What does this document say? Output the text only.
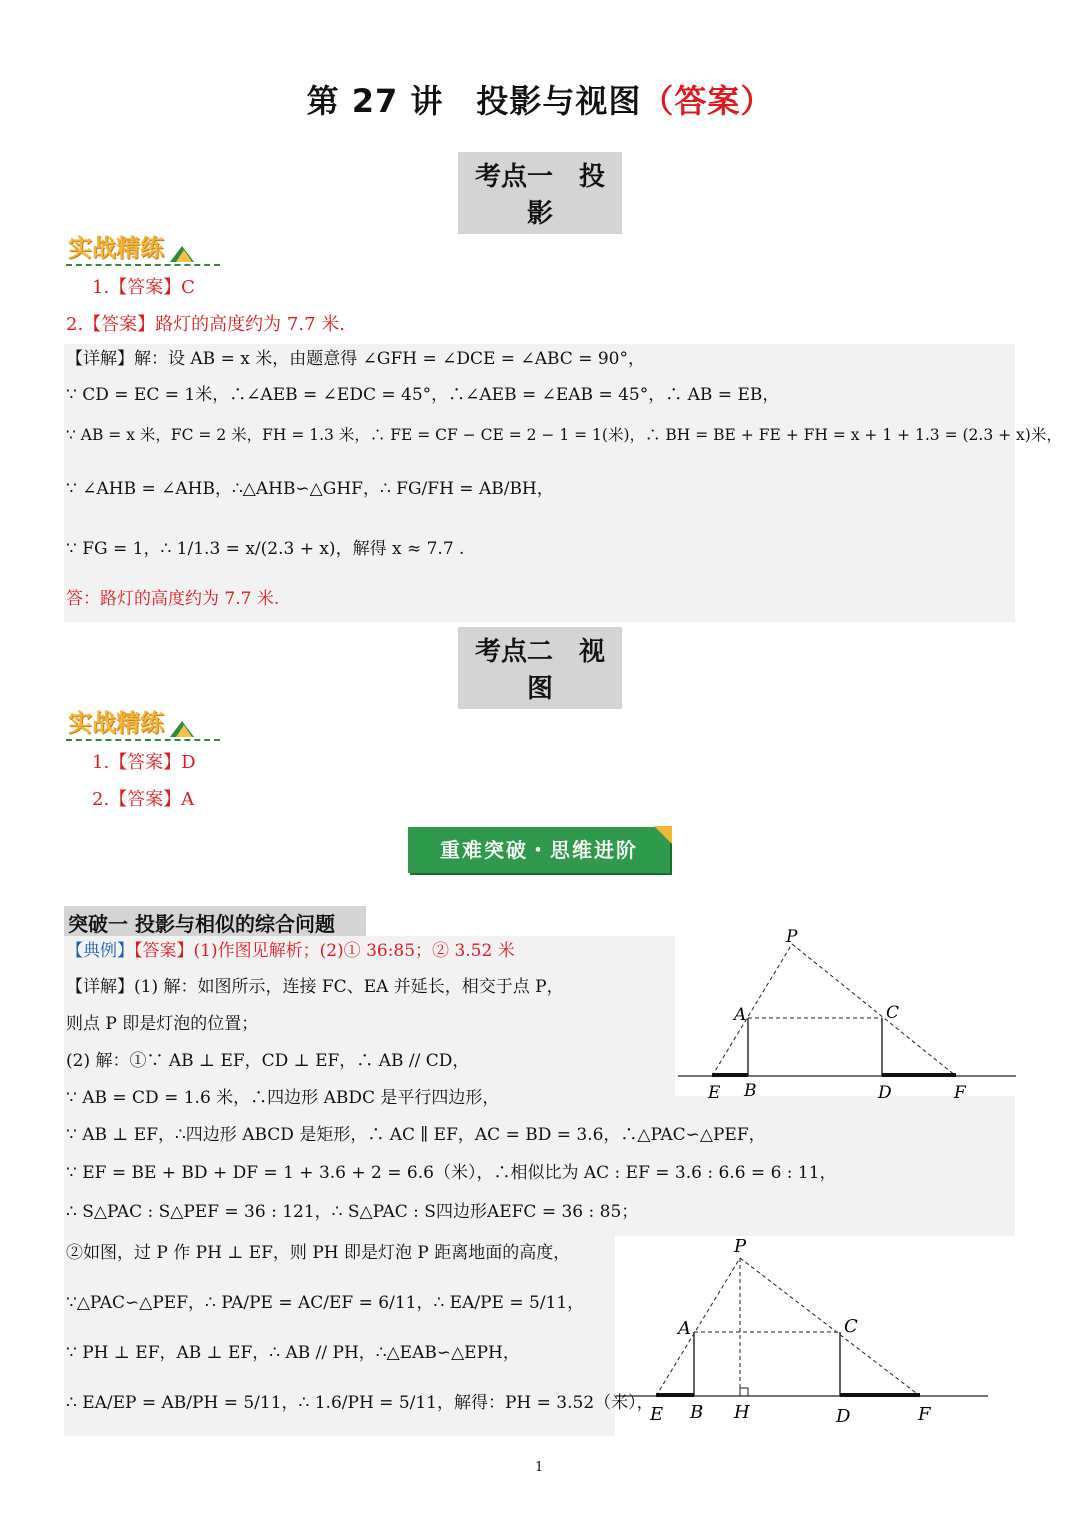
第 27 讲　投影与视图（答案）
考点一　投影
实战精练
1.【答案】C
2.【答案】路灯的高度约为 7.7 米.
【详解】解：设 AB = x 米，由题意得 ∠GFH = ∠DCE = ∠ABC = 90°，
∵ CD = EC = 1米，∴∠AEB = ∠EDC = 45°，∴∠AEB = ∠EAB = 45°，∴ AB = EB，
∵ AB = x 米，FC = 2 米，FH = 1.3 米，∴ FE = CF − CE = 2 − 1 = 1(米)，∴ BH = BE + FE + FH = x + 1 + 1.3 = (2.3 + x)米，
∵ ∠AHB = ∠AHB，∴△AHB∽△GHF，∴ FG/FH = AB/BH，
∵ FG = 1，∴ 1/1.3 = x/(2.3 + x)，解得 x ≈ 7.7 .
答：路灯的高度约为 7.7 米.
考点二　视图
实战精练
1.【答案】D
2.【答案】A
重难突破・思维进阶
突破一 投影与相似的综合问题
【典例】【答案】(1)作图见解析；(2)① 36:85；② 3.52 米
【详解】(1) 解：如图所示，连接 FC、EA 并延长，相交于点 P，
则点 P 即是灯泡的位置；
(2) 解：①∵ AB ⊥ EF，CD ⊥ EF，∴ AB // CD，
∵ AB = CD = 1.6 米，∴四边形 ABDC 是平行四边形，
∵ AB ⊥ EF，∴四边形 ABCD 是矩形，∴ AC ∥ EF，AC = BD = 3.6，∴△PAC∽△PEF，
∵ EF = BE + BD + DF = 1 + 3.6 + 2 = 6.6（米），∴相似比为 AC : EF = 3.6 : 6.6 = 6 : 11，
∴ S△PAC : S△PEF = 36 : 121，∴ S△PAC : S四边形AEFC = 36 : 85；
②如图，过 P 作 PH ⊥ EF，则 PH 即是灯泡 P 距离地面的高度，
∵△PAC∽△PEF，∴ PA/PE = AC/EF = 6/11，∴ EA/PE = 5/11，
∵ PH ⊥ EF，AB ⊥ EF，∴ AB // PH，∴△EAB∽△EPH，
∴ EA/EP = AB/PH = 5/11，∴ 1.6/PH = 5/11，解得：PH = 3.52（米），
P
A	C
E B	D	F
P
A	C
E B H	D	F
1
